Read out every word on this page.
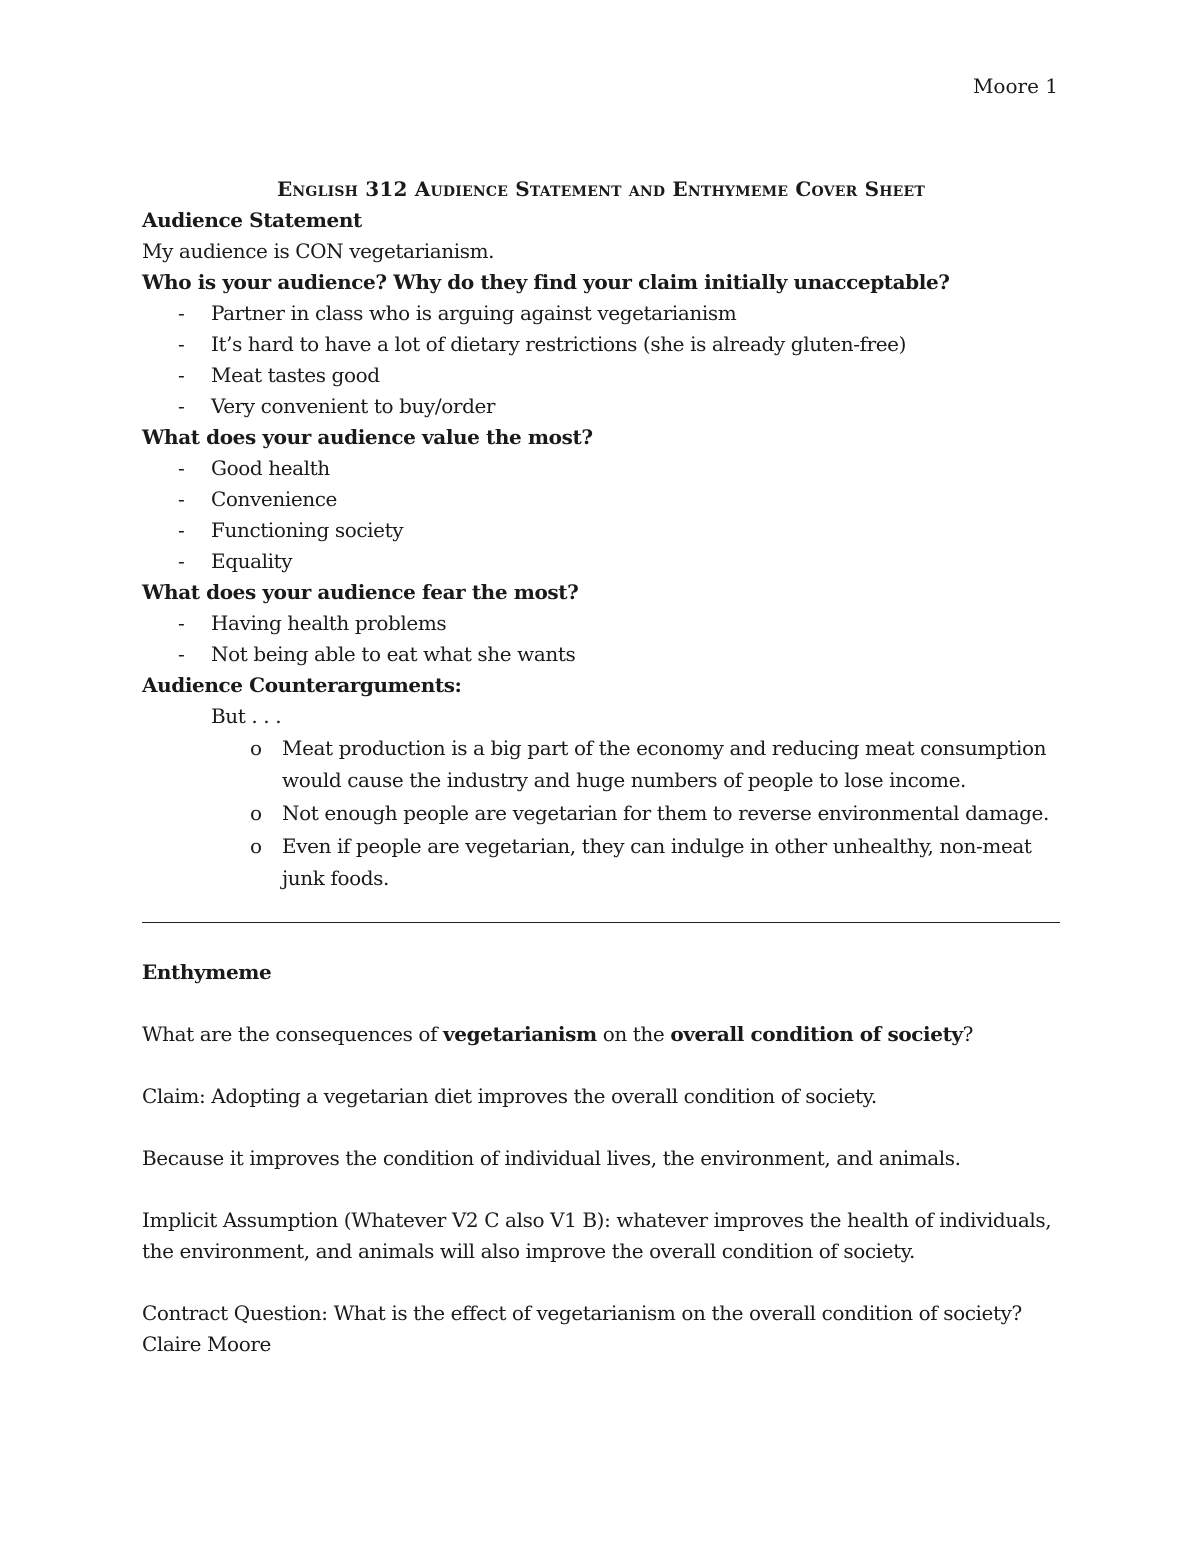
Moore 1
English 312 Audience Statement and Enthymeme Cover Sheet
Audience Statement
My audience is CON vegetarianism.
Who is your audience? Why do they find your claim initially unacceptable?
- Partner in class who is arguing against vegetarianism
- It’s hard to have a lot of dietary restrictions (she is already gluten-free)
- Meat tastes good
- Very convenient to buy/order
What does your audience value the most?
- Good health
- Convenience
- Functioning society
- Equality
What does your audience fear the most?
- Having health problems
- Not being able to eat what she wants
Audience Counterarguments:
But . . .
o Meat production is a big part of the economy and reducing meat consumption would cause the industry and huge numbers of people to lose income.
o Not enough people are vegetarian for them to reverse environmental damage.
o Even if people are vegetarian, they can indulge in other unhealthy, non-meat junk foods.
Enthymeme
What are the consequences of vegetarianism on the overall condition of society?
Claim: Adopting a vegetarian diet improves the overall condition of society.
Because it improves the condition of individual lives, the environment, and animals.
Implicit Assumption (Whatever V2 C also V1 B): whatever improves the health of individuals, the environment, and animals will also improve the overall condition of society.
Contract Question: What is the effect of vegetarianism on the overall condition of society?
Claire Moore
